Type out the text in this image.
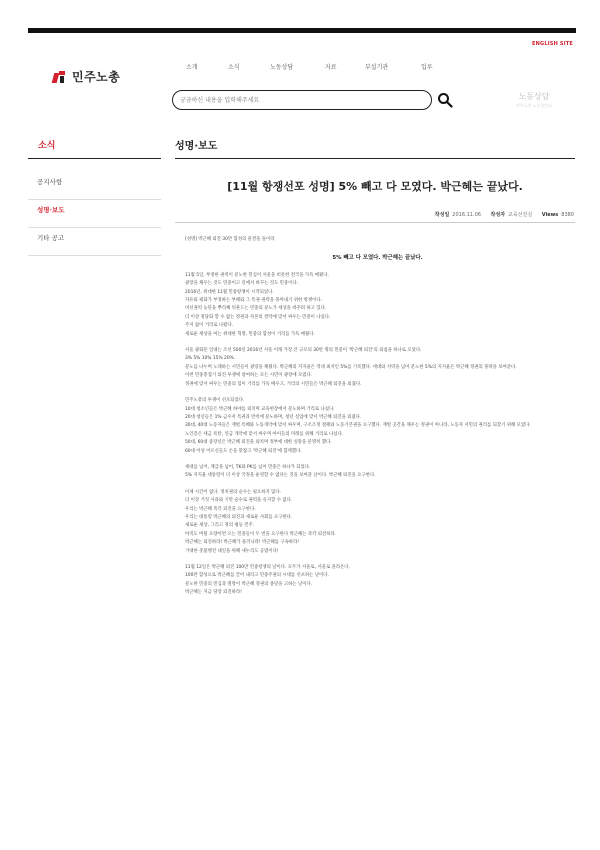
ENGLISH SITE
민주노총
소개	소식	노동상담	자료	부설기관	입루
궁금하신 내용을 입력해주세요
노동상담
민주노총 노동상담소
소식	성명·보도
공지사항
성명·보도
기타 공고
[11월 항쟁선포 성명] 5% 빼고 다 모였다. 박근혜는 끝났다.
작성일 2016.11.06 작성자 교육선전실 Views 8380

[성명] 박근혜 퇴진 30만 함성의 물결을 돌이라

5% 빼고 다 모였다. 박근혜는 끝났다.

11월 5일, 부정한 권력이 분노한 민심이 서울을 비롯한 전국을 가득 메웠다.

광장을 채우는 것도 민중이고 길에서 바꾸는 것도 민중이다.

2016년, 위대한 11월 민중항쟁이 시작되었다.

자유와 평화가 부정하는 부패와 그 특권 권력을 몰아내기 위한 항쟁이다.

비선권력 농단을 뿌리째 뒤흔드는 민중의 분노가 세상을 바꾸려 하고 있다.

더 이상 정당화 할 수 없는 정권과 자본의 결탁에 맞서 싸우는 민중이 나섰다.

주저 없이 거리로 나왔다.

새로운 세상을 여는 위대한 혁명, 민중의 함성이 거리를 가득 메웠다.

서울 광화문 일대는 조선 500년 2016년 서울 이래 가장 큰 규모의 30만 명의 민중이 '박근혜 퇴진'의 외침을 하나로 모았다.

3% 5% 10% 15% 20%.

분노를 나누며 노래하는 시민들이 광장을 채웠다. 박근혜의 지지율은 역대 최저인 5%를 기록했다. 세대와 지역을 넘어 분노한 5%의 지지율은 박근혜 정권의 몰락을 보여준다.

이번 민중총궐기 퇴진 투쟁에 참여하는 모든 시민이 광장에 모였다.

정권에 맞서 싸우는 민중의 힘이 거리를 가득 메우고, 거리의 시민들은 박근혜 퇴진을 외쳤다.

민주노총의 투쟁이 선포되었다.

10대 청소년들은 박근혜 하야를 외치며 교육현장에서 분노하며 거리로 나섰다.

20대 청년들은 1% 금수저 특권과 반칙에 분노하며, 청년 실업에 맞서 박근혜 퇴진을 외쳤다.

30대, 40대 노동자들은 재벌 특혜와 노동개악에 맞서 싸우며, 구조조정 철폐와 노동기본권을 요구했다. 재벌 곳간을 채우는 정권이 아니라, 노동자 서민의 권리를 되찾기 위해 모였다.

노인층은 세금 폭탄, 연금 개악에 맞서 싸우며 아이들의 미래를 위해 거리로 나섰다.

50대, 60대 중장년은 박근혜 퇴진을 외치며 정부에 대한 실망을 분명히 했다.

60대 이상 어르신들도 손을 맞잡고 '박근혜 퇴진'에 함께했다.

세대를 넘어, 계급을 넘어, TK와 PK를 넘어 민중은 하나가 되었다.

5% 지지율 대통령이 더 이상 국정을 운영할 수 없다는 것을 보여준 날이다. 박근혜 퇴진을 요구한다.

이제 시간이 없다. 정치권의 술수는 필요하지 않다.

더 이상 거짓 사과와 기만 술수로 권력을 유지할 수 없다.

우리는 박근혜 즉각 퇴진을 요구한다.

우리는 대통령 박근혜의 퇴진과 새로운 사회를 요구한다.

새로운 세상, 그리고 정의 평등 민주.

아직도 버틸 요량이면 오는 민중들이 두 번을 요구한다 박근혜는 즉각 퇴진하라.

박근혜는 퇴진하라! 박근혜가 물러나라! 박근혜를 구속하라!

거대한 촛불행진 내일을 위해 새누리도 공범이다!

11월 12일은 박근혜 퇴진 100만 민중항쟁의 날이다. 모두가 서울로, 서울로 올라온다.

100만 함성으로 박근혜를 끌어 내리고 민중주권의 시대를 선포하는 날이다.

분노한 민중의 민심과 열망이 박근혜 정권의 종말을 고하는 날이다.

박근혜는 지금 당장 퇴진하라!
